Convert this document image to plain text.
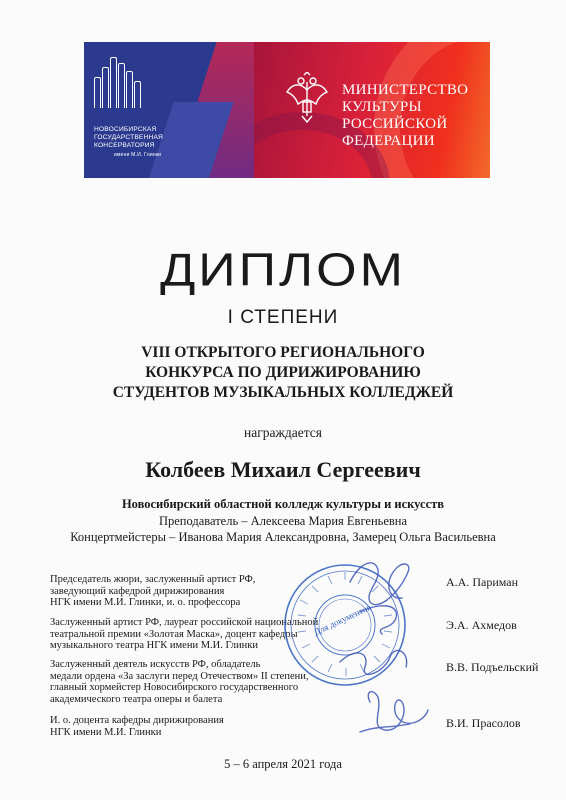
НОВОСИБИРСКАЯ
ГОСУДАРСТВЕННАЯ
КОНСЕРВАТОРИЯ
имени М.И. Глинки
МИНИСТЕРСТВО КУЛЬТУРЫ
РОССИЙСКОЙ ФЕДЕРАЦИИ
ДИПЛОМ
I СТЕПЕНИ
VIII ОТКРЫТОГО РЕГИОНАЛЬНОГО
КОНКУРСА ПО ДИРИЖИРОВАНИЮ
СТУДЕНТОВ МУЗЫКАЛЬНЫХ КОЛЛЕДЖЕЙ
награждается
Колбеев Михаил Сергеевич
Новосибирский областной колледж культуры и искусств
Преподаватель – Алексеева Мария Евгеньевна
Концертмейстеры – Иванова Мария Александровна, Замерец Ольга Васильевна
Председатель жюри, заслуженный артист РФ,
заведующий кафедрой дирижирования
НГК имени М.И. Глинки, и. о. профессора
А.А. Париман
Заслуженный артист РФ, лауреат российской национальной
театральной премии «Золотая Маска», доцент кафедры
музыкального театра НГК имени М.И. Глинки
Э.А. Ахмедов
Заслуженный деятель искусств РФ, обладатель
медали ордена «За заслуги перед Отечеством» II степени,
главный хормейстер Новосибирского государственного
академического театра оперы и балета
В.В. Подъельский
И. о. доцента кафедры дирижирования
НГК имени М.И. Глинки
В.И. Прасолов
Для документов
5 – 6 апреля 2021 года
